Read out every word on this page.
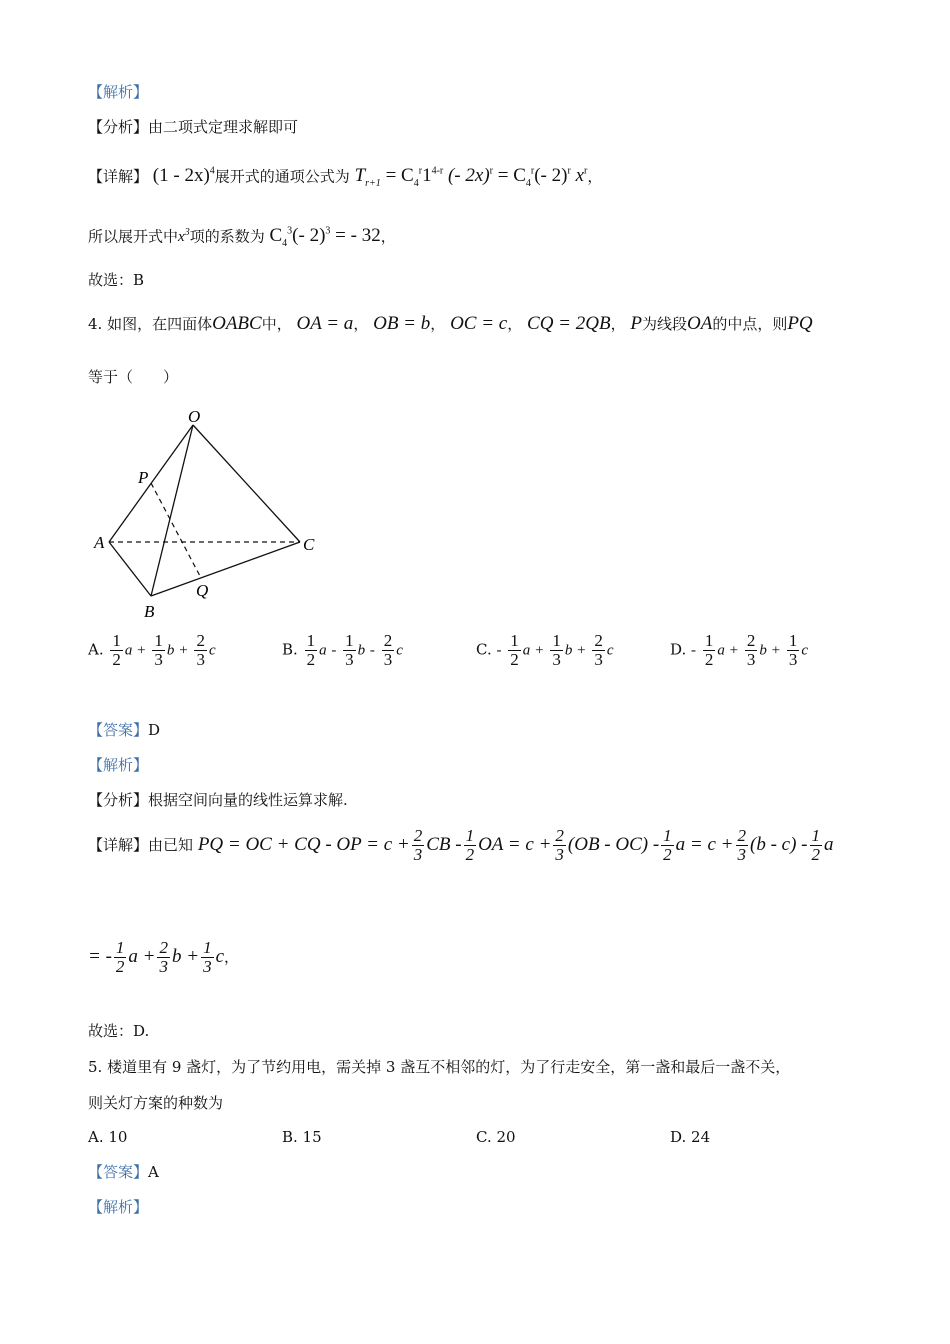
【解析】
【分析】由二项式定理求解即可
【详解】 (1 - 2x)$^4$展开式的通项公式为 $T_{r+1} = C_4^r1^{4-r}$ (- $2x)^r = C_4^r(-$ 2)$^r$ $x^r$，
所以展开式中$x^3$项的系数为 $C_4^3(-$ 2)$^3$ = - 32，
故选：B
4. 如图，在四面体OABC中， OA = a， OB = b， OC = c， CQ = 2QB， P为线段OA的中点，则PQ
等于（　　）
O
P
A	C
Q
B
A. $\frac{1}{2}$ $a + \frac{1}{3}$ $b + \frac{2}{3}$ c	B. $\frac{1}{2}$ a - $\frac{1}{3}$ b - $\frac{2}{3}$ c	C. - $\frac{1}{2}$ $a + \frac{1}{3}$ $b + \frac{2}{3}$ c	D. - $\frac{1}{2}$ $a + \frac{2}{3}$ $b + \frac{1}{3}$ c
【答案】D
【解析】
【分析】根据空间向量的线性运算求解.
【详解】由已知 PQ = OC + CQ - OP = $c + \frac{2}{3}$ CB - $\frac{1}{2}$ OA = $c + \frac{2}{3} (OB - OC) - \frac{1}{2}$ $a = c + \frac{2}{3} (b - c) - \frac{1}{2}$ a
= - $\frac{1}{2}$ $a + \frac{2}{3}$ $b + \frac{1}{3}$ c，
故选：D.
5. 楼道里有 9 盏灯，为了节约用电，需关掉 3 盏互不相邻的灯，为了行走安全，第一盏和最后一盏不关，
则关灯方案的种数为
A. 10	B. 15	C. 20	D. 24
【答案】A
【解析】
